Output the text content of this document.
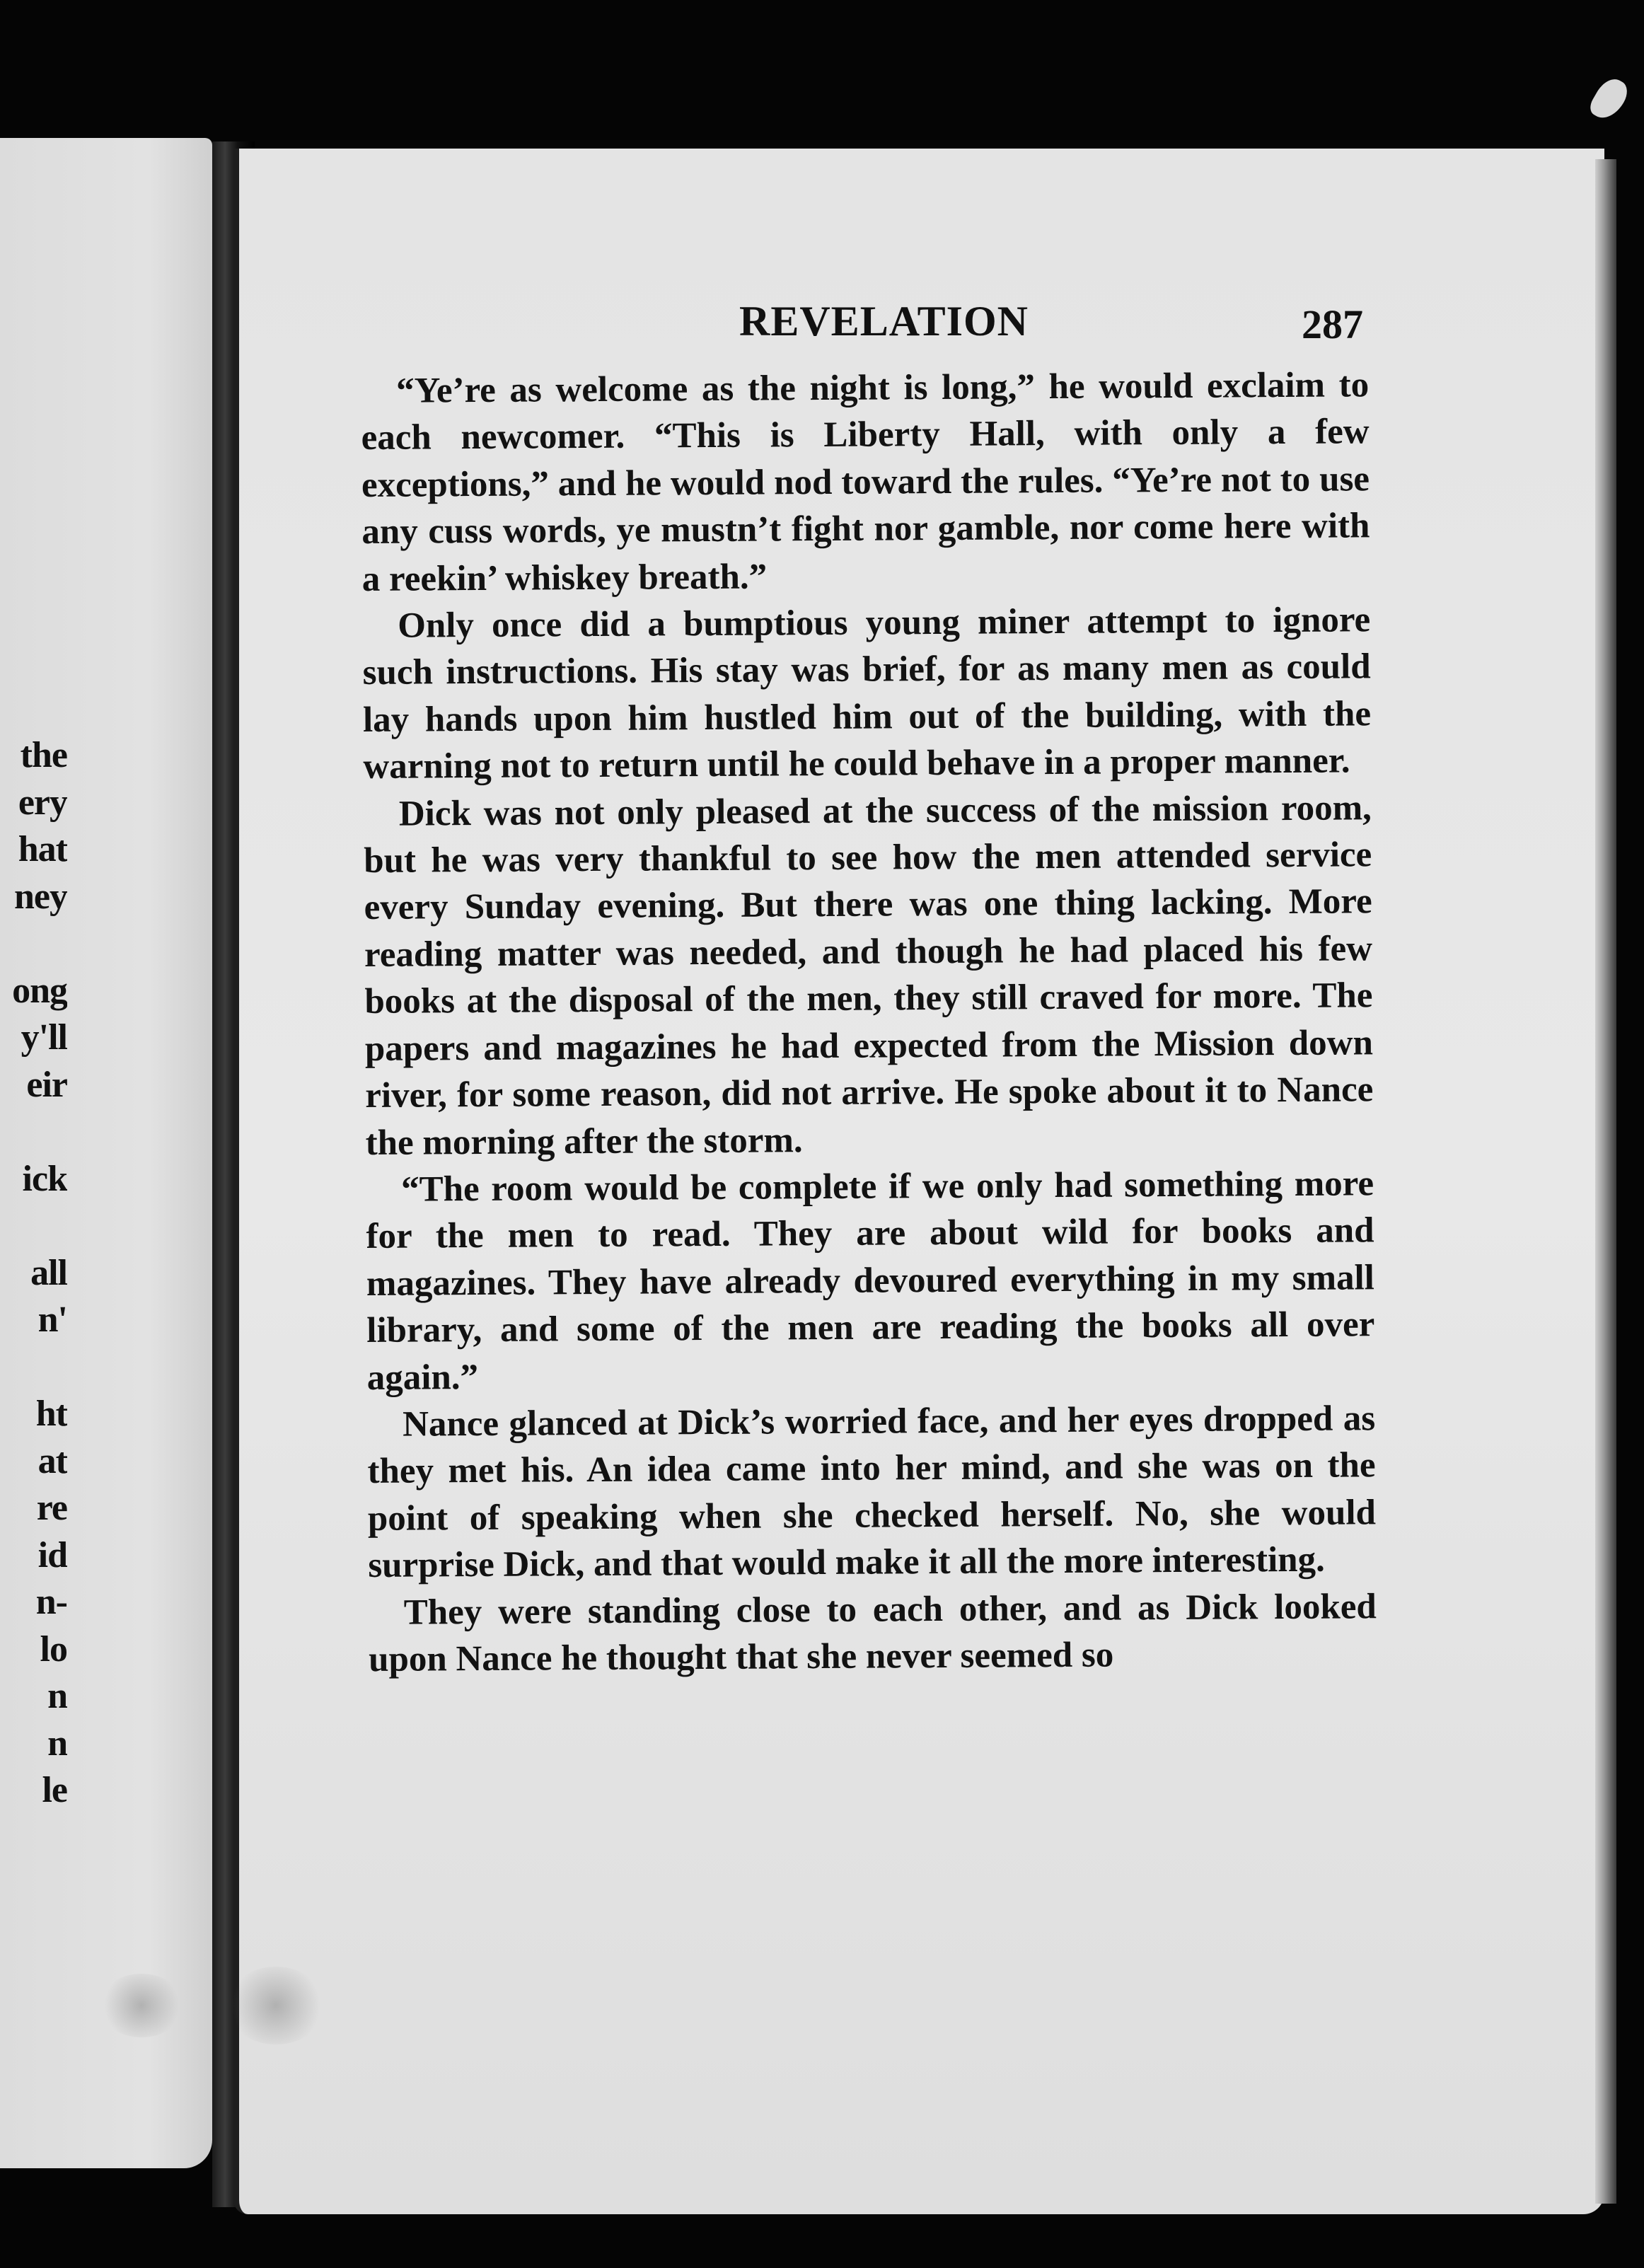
the
ery
hat
ney
ong
y'll
eir
ick
all
n'
ht
at
re
id
n-
lo
n
n
le
REVELATION	287

“Ye’re as welcome as the night is long,” he would exclaim to each newcomer. “This is Liberty Hall, with only a few exceptions,” and he would nod toward the rules. “Ye’re not to use any cuss words, ye mustn’t fight nor gamble, nor come here with a reekin’ whiskey breath.”

Only once did a bumptious young miner attempt to ignore such instructions. His stay was brief, for as many men as could lay hands upon him hustled him out of the building, with the warning not to return until he could behave in a proper manner.

Dick was not only pleased at the success of the mission room, but he was very thankful to see how the men attended service every Sunday evening. But there was one thing lacking. More reading matter was needed, and though he had placed his few books at the disposal of the men, they still craved for more. The papers and magazines he had expected from the Mission down river, for some reason, did not arrive. He spoke about it to Nance the morning after the storm.

“The room would be complete if we only had something more for the men to read. They are about wild for books and magazines. They have already devoured everything in my small library, and some of the men are reading the books all over again.”

Nance glanced at Dick’s worried face, and her eyes dropped as they met his. An idea came into her mind, and she was on the point of speaking when she checked herself. No, she would surprise Dick, and that would make it all the more interesting.

They were standing close to each other, and as Dick looked upon Nance he thought that she never seemed so
